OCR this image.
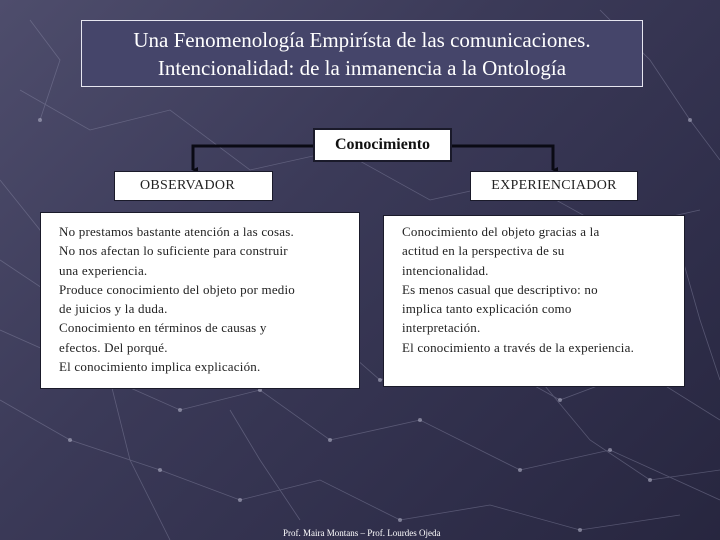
Una Fenomenología Empirísta de las comunicaciones.
Intencionalidad: de la inmanencia a la Ontología
Conocimiento
OBSERVADOR	EXPERIENCIADOR
No prestamos bastante atención a las cosas.
No nos afectan lo suficiente para construir
una experiencia.
Produce conocimiento del objeto por medio
de juicios y la duda.
Conocimiento en términos de causas y
efectos. Del porqué.
El conocimiento implica explicación.
Conocimiento del objeto gracias a la
actitud en la perspectiva de su
intencionalidad.
Es menos casual que descriptivo: no
implica tanto explicación como
interpretación.
El conocimiento a través de la experiencia.
Prof. Maira Montans – Prof. Lourdes Ojeda
